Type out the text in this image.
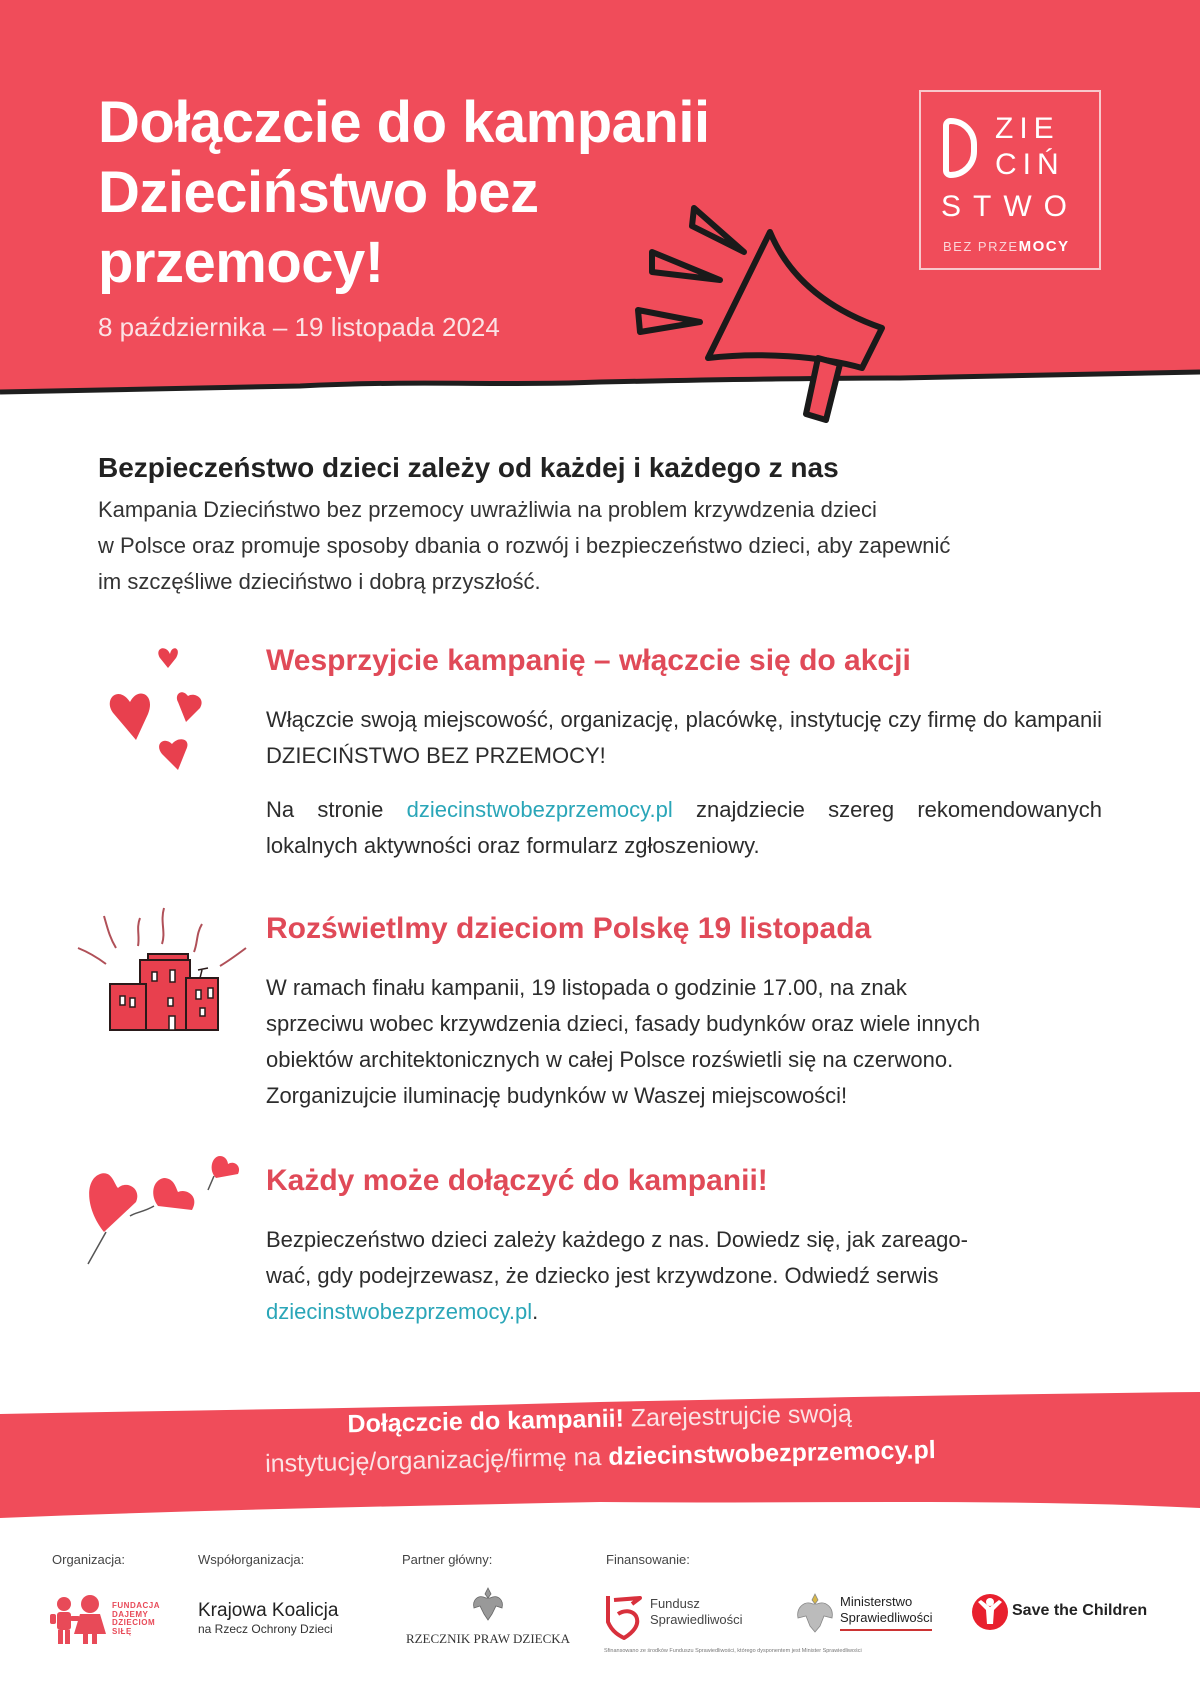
Dołączcie do kampanii
Dzieciństwo bez
przemocy!
8 października – 19 listopada 2024
ZIE
CIŃ
STWO
BEZ PRZEMOCY
Bezpieczeństwo dzieci zależy od każdej i każdego z nas
Kampania Dzieciństwo bez przemocy uwrażliwia na problem krzywdzenia dzieci
w Polsce oraz promuje sposoby dbania o rozwój i bezpieczeństwo dzieci, aby zapewnić
im szczęśliwe dzieciństwo i dobrą przyszłość.
Wesprzyjcie kampanię – włączcie się do akcji
Włączcie swoją miejscowość, organizację, placówkę, instytucję czy firmę do kampanii DZIECIŃSTWO BEZ PRZEMOCY!
Na stronie dziecinstwobezprzemocy.pl znajdziecie szereg rekomendowanych lokalnych aktywności oraz formularz zgłoszeniowy.
Rozświetlmy dzieciom Polskę 19 listopada
W ramach finału kampanii, 19 listopada o godzinie 17.00, na znak
sprzeciwu wobec krzywdzenia dzieci, fasady budynków oraz wiele innych
obiektów architektonicznych w całej Polsce rozświetli się na czerwono.
Zorganizujcie iluminację budynków w Waszej miejscowości!
Każdy może dołączyć do kampanii!
Bezpieczeństwo dzieci zależy każdego z nas. Dowiedz się, jak zareago-
wać, gdy podejrzewasz, że dziecko jest krzywdzone. Odwiedź serwis
dziecinstwobezprzemocy.pl.
Dołączcie do kampanii! Zarejestrujcie swoją
instytucję/organizację/firmę na dziecinstwobezprzemocy.pl
Organizacja:	Współorganizacja:	Partner główny:	Finansowanie:
FUNDACJA
DAJEMY
DZIECIOM
SIŁĘ
Krajowa Koalicja
na Rzecz Ochrony Dzieci
RZECZNIK PRAW DZIECKA
Fundusz
Sprawiedliwości
Ministerstwo
Sprawiedliwości	Save the Children
Sfinansowano ze środków Funduszu Sprawiedliwości, którego dysponentem jest Minister Sprawiedliwości
